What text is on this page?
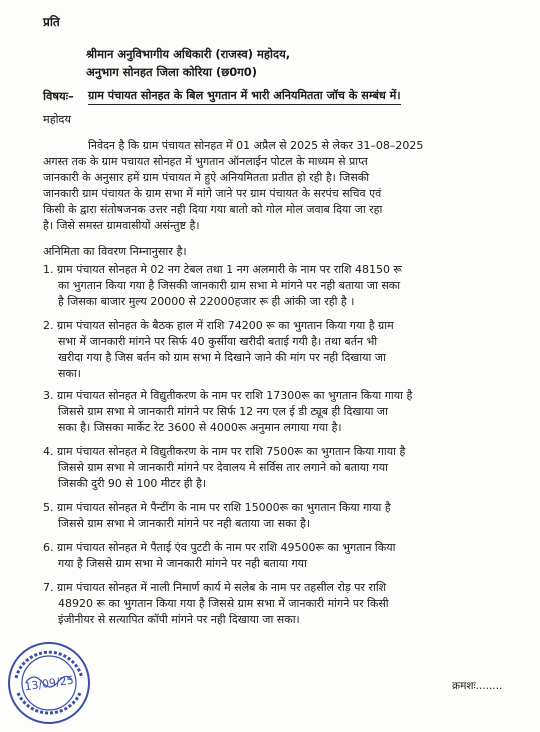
प्रति
श्रीमान अनुविभागीय अधिकारी (राजस्व) महोदय,
अनुभाग सोनहत जिला कोरिया (छ0ग0)
विषयः– ग्राम पंचायत सोनहत के बिल भुगतान में भारी अनियमितता जॉच के सम्बंध में।
महोदय
निवेदन है कि ग्राम पंचायत सोनहत में 01 अप्रैल से 2025 से लेकर 31–08–2025
अगस्त तक के ग्राम पचायत सोनहत में भुगतान ऑनलाईन पोटल के माध्यम से प्राप्त
जानकारी के अनुसार हमें ग्राम पंचायत मे हुऐ अनियमितता प्रतीत हो रही है। जिसकी
जानकारी ग्राम पंचायत के ग्राम सभा में मांगे जाने पर ग्राम पंचायत के सरपंच सचिव एवं
किसी के द्वारा संतोषजनक उत्तर नही दिया गया बातो को गोल मोल जवाब दिया जा रहा
है। जिसे समस्त ग्रामवासीयों असंन्तुष्ट है।
अनिमिता का विवरण निम्नानुसार है।
1. ग्राम पंचायत सोनहत मे 02 नग टेबल तथा 1 नग अलमारी के नाम पर राशि 48150 रू
का भुगतान किया गया है जिसकी जानकारी ग्राम सभा मे मांगने पर नही बताया जा सका
है जिसका बाजार मुल्य 20000 से 22000हजार रू ही आंकी जा रही है ।
2. ग्राम पंचायत सोनहत के बैठक हाल में राशि 74200 रू का भुगतान किया गया है ग्राम
सभा में जानकारी मांगने पर सिर्फ 40 कुर्सीया खरीदी बताई गयी है। तथा बर्तन भी
खरीदा गया है जिस बर्तन को ग्राम सभा मे दिखाने जाने की मांग पर नही दिखाया जा
सका।
3. ग्राम पंचायत सोनहत मे विद्युतीकरण के नाम पर राशि 17300रू का भुगतान किया गाया है
जिससे ग्राम सभा मे जानकारी मांगने पर सिर्फ 12 नग एल ई डी ट्यूब ही दिखाया जा
सका है। जिसका मार्केट रेट 3600 से 4000रू अनुमान लगाया गया है।
4. ग्राम पंचायत सोनहत मे विद्युतीकरण के नाम पर राशि 7500रू का भुगतान किया गाया है
जिससे ग्राम सभा मे जानकारी मांगने पर देवालय मे सर्विस तार लगाने को बताया गया
जिसकी दुरी 90 से 100 मीटर ही है।
5. ग्राम पंचायत सोनहत मे पैन्टींग के नाम पर राशि 15000रू का भुगतान किया गाया है
जिससे ग्राम सभा मे जानकारी मांगने पर नही बताया जा सका है।
6. ग्राम पंचायत सोनहत मे पैताई एंव पुटटी के नाम पर राशि 49500रू का भुगतान किया
गया है जिससे ग्राम सभा मे जानकारी मांगने पर नही बताया गया
7. ग्राम पंचायत सोनहत में नाली निमार्ण कार्य मे सलेब के नाम पर तहसील रोड़ पर राशि
48920 रू का भुगतान किया गया है जिससे ग्राम सभा में जानकारी मांगने पर किसी
इंजीनीयर से सत्यापित कॉपी मांगने पर नही दिखाया जा सका।
क्रमशः........
13/09/25
